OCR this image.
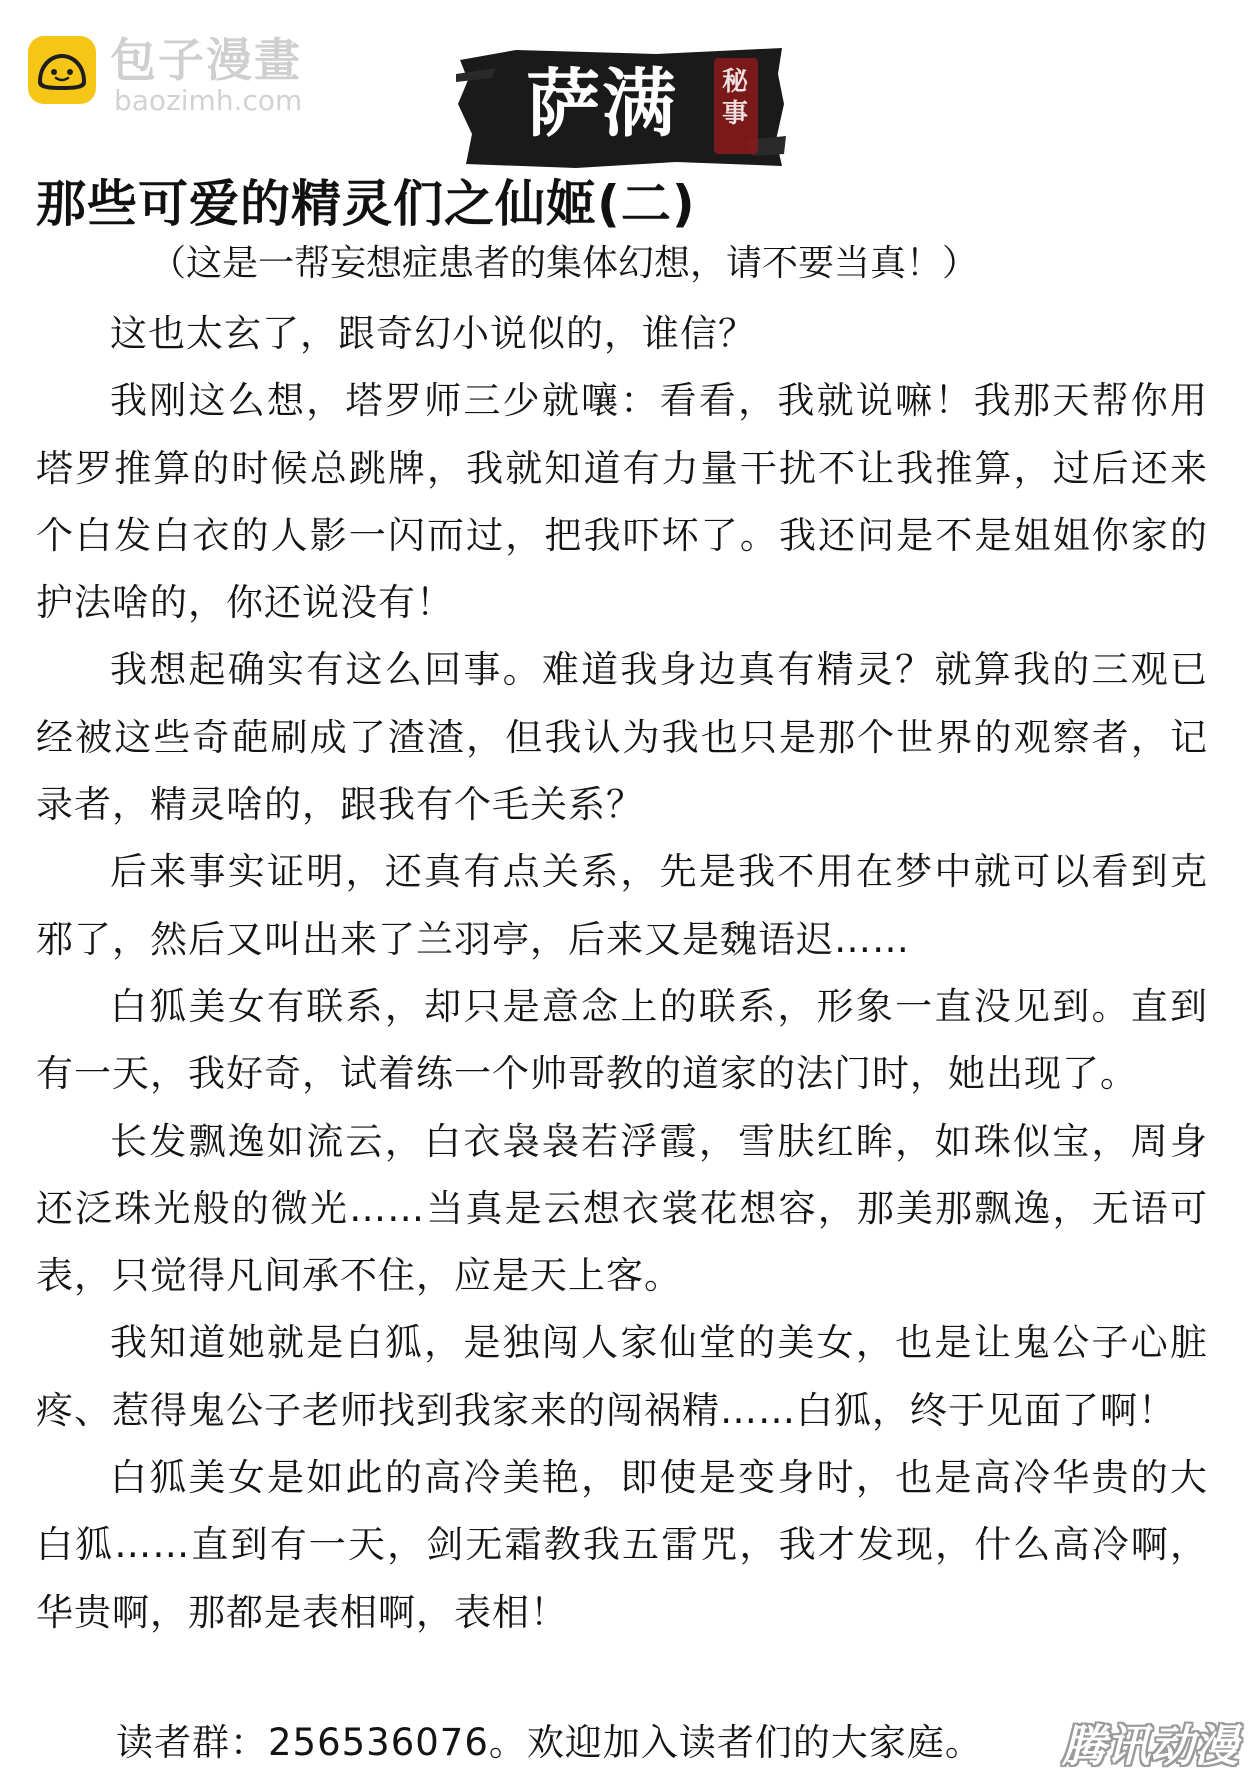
包子漫畫
baozimh.com	萨满 秘事
那些可爱的精灵们之仙姬(二)
（这是一帮妄想症患者的集体幻想，请不要当真！）

这也太玄了，跟奇幻小说似的，谁信？

我刚这么想，塔罗师三少就嚷：看看，我就说嘛！我那天帮你用塔罗推算的时候总跳牌，我就知道有力量干扰不让我推算，过后还来个白发白衣的人影一闪而过，把我吓坏了。我还问是不是姐姐你家的护法啥的，你还说没有！

我想起确实有这么回事。难道我身边真有精灵？就算我的三观已经被这些奇葩刷成了渣渣，但我认为我也只是那个世界的观察者，记录者，精灵啥的，跟我有个毛关系？

后来事实证明，还真有点关系，先是我不用在梦中就可以看到克邪了，然后又叫出来了兰羽亭，后来又是魏语迟……

白狐美女有联系，却只是意念上的联系，形象一直没见到。直到有一天，我好奇，试着练一个帅哥教的道家的法门时，她出现了。

长发飘逸如流云，白衣袅袅若浮霞，雪肤红眸，如珠似宝，周身还泛珠光般的微光……当真是云想衣裳花想容，那美那飘逸，无语可表，只觉得凡间承不住，应是天上客。

我知道她就是白狐，是独闯人家仙堂的美女，也是让鬼公子心脏疼、惹得鬼公子老师找到我家来的闯祸精……白狐，终于见面了啊！

白狐美女是如此的高冷美艳，即使是变身时，也是高冷华贵的大白狐……直到有一天，剑无霜教我五雷咒，我才发现，什么高冷啊，华贵啊，那都是表相啊，表相！

读者群：256536076。欢迎加入读者们的大家庭。 腾讯动漫
